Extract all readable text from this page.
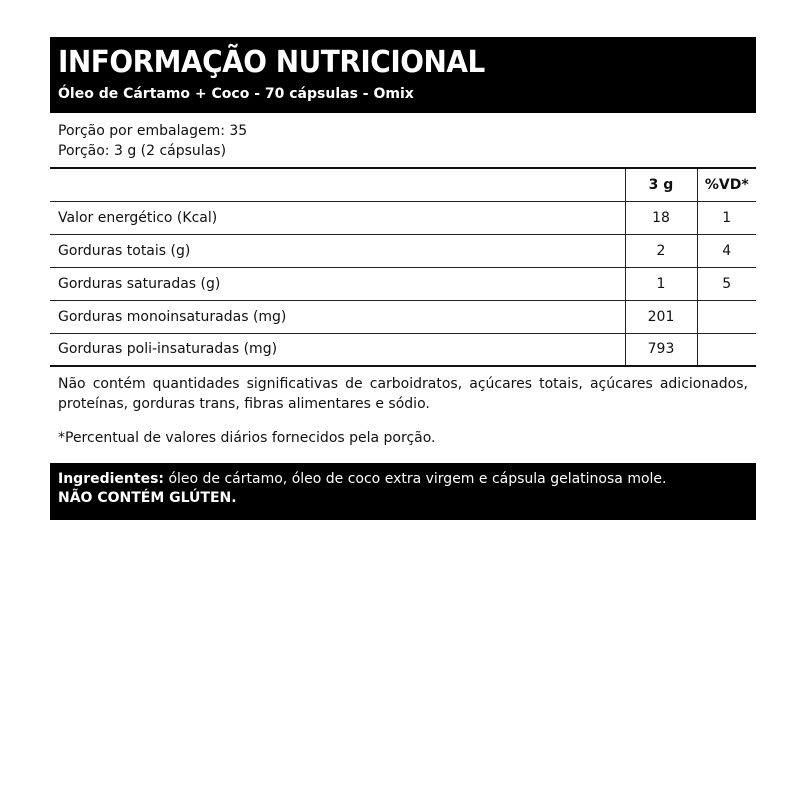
INFORMAÇÃO NUTRICIONAL
Óleo de Cártamo + Coco - 70 cápsulas - Omix
Porção por embalagem: 35
Porção: 3 g (2 cápsulas)
	3 g	%VD*
Valor energético (Kcal)	18	1
Gorduras totais (g)	2	4
Gorduras saturadas (g)	1	5
Gorduras monoinsaturadas (mg)	201	
Gorduras poli-insaturadas (mg)	793	
Não contém quantidades significativas de carboidratos, açúcares totais, açúcares adicionados, proteínas, gorduras trans, fibras alimentares e sódio.
*Percentual de valores diários fornecidos pela porção.
Ingredientes: óleo de cártamo, óleo de coco extra virgem e cápsula gelatinosa mole.
NÃO CONTÉM GLÚTEN.
